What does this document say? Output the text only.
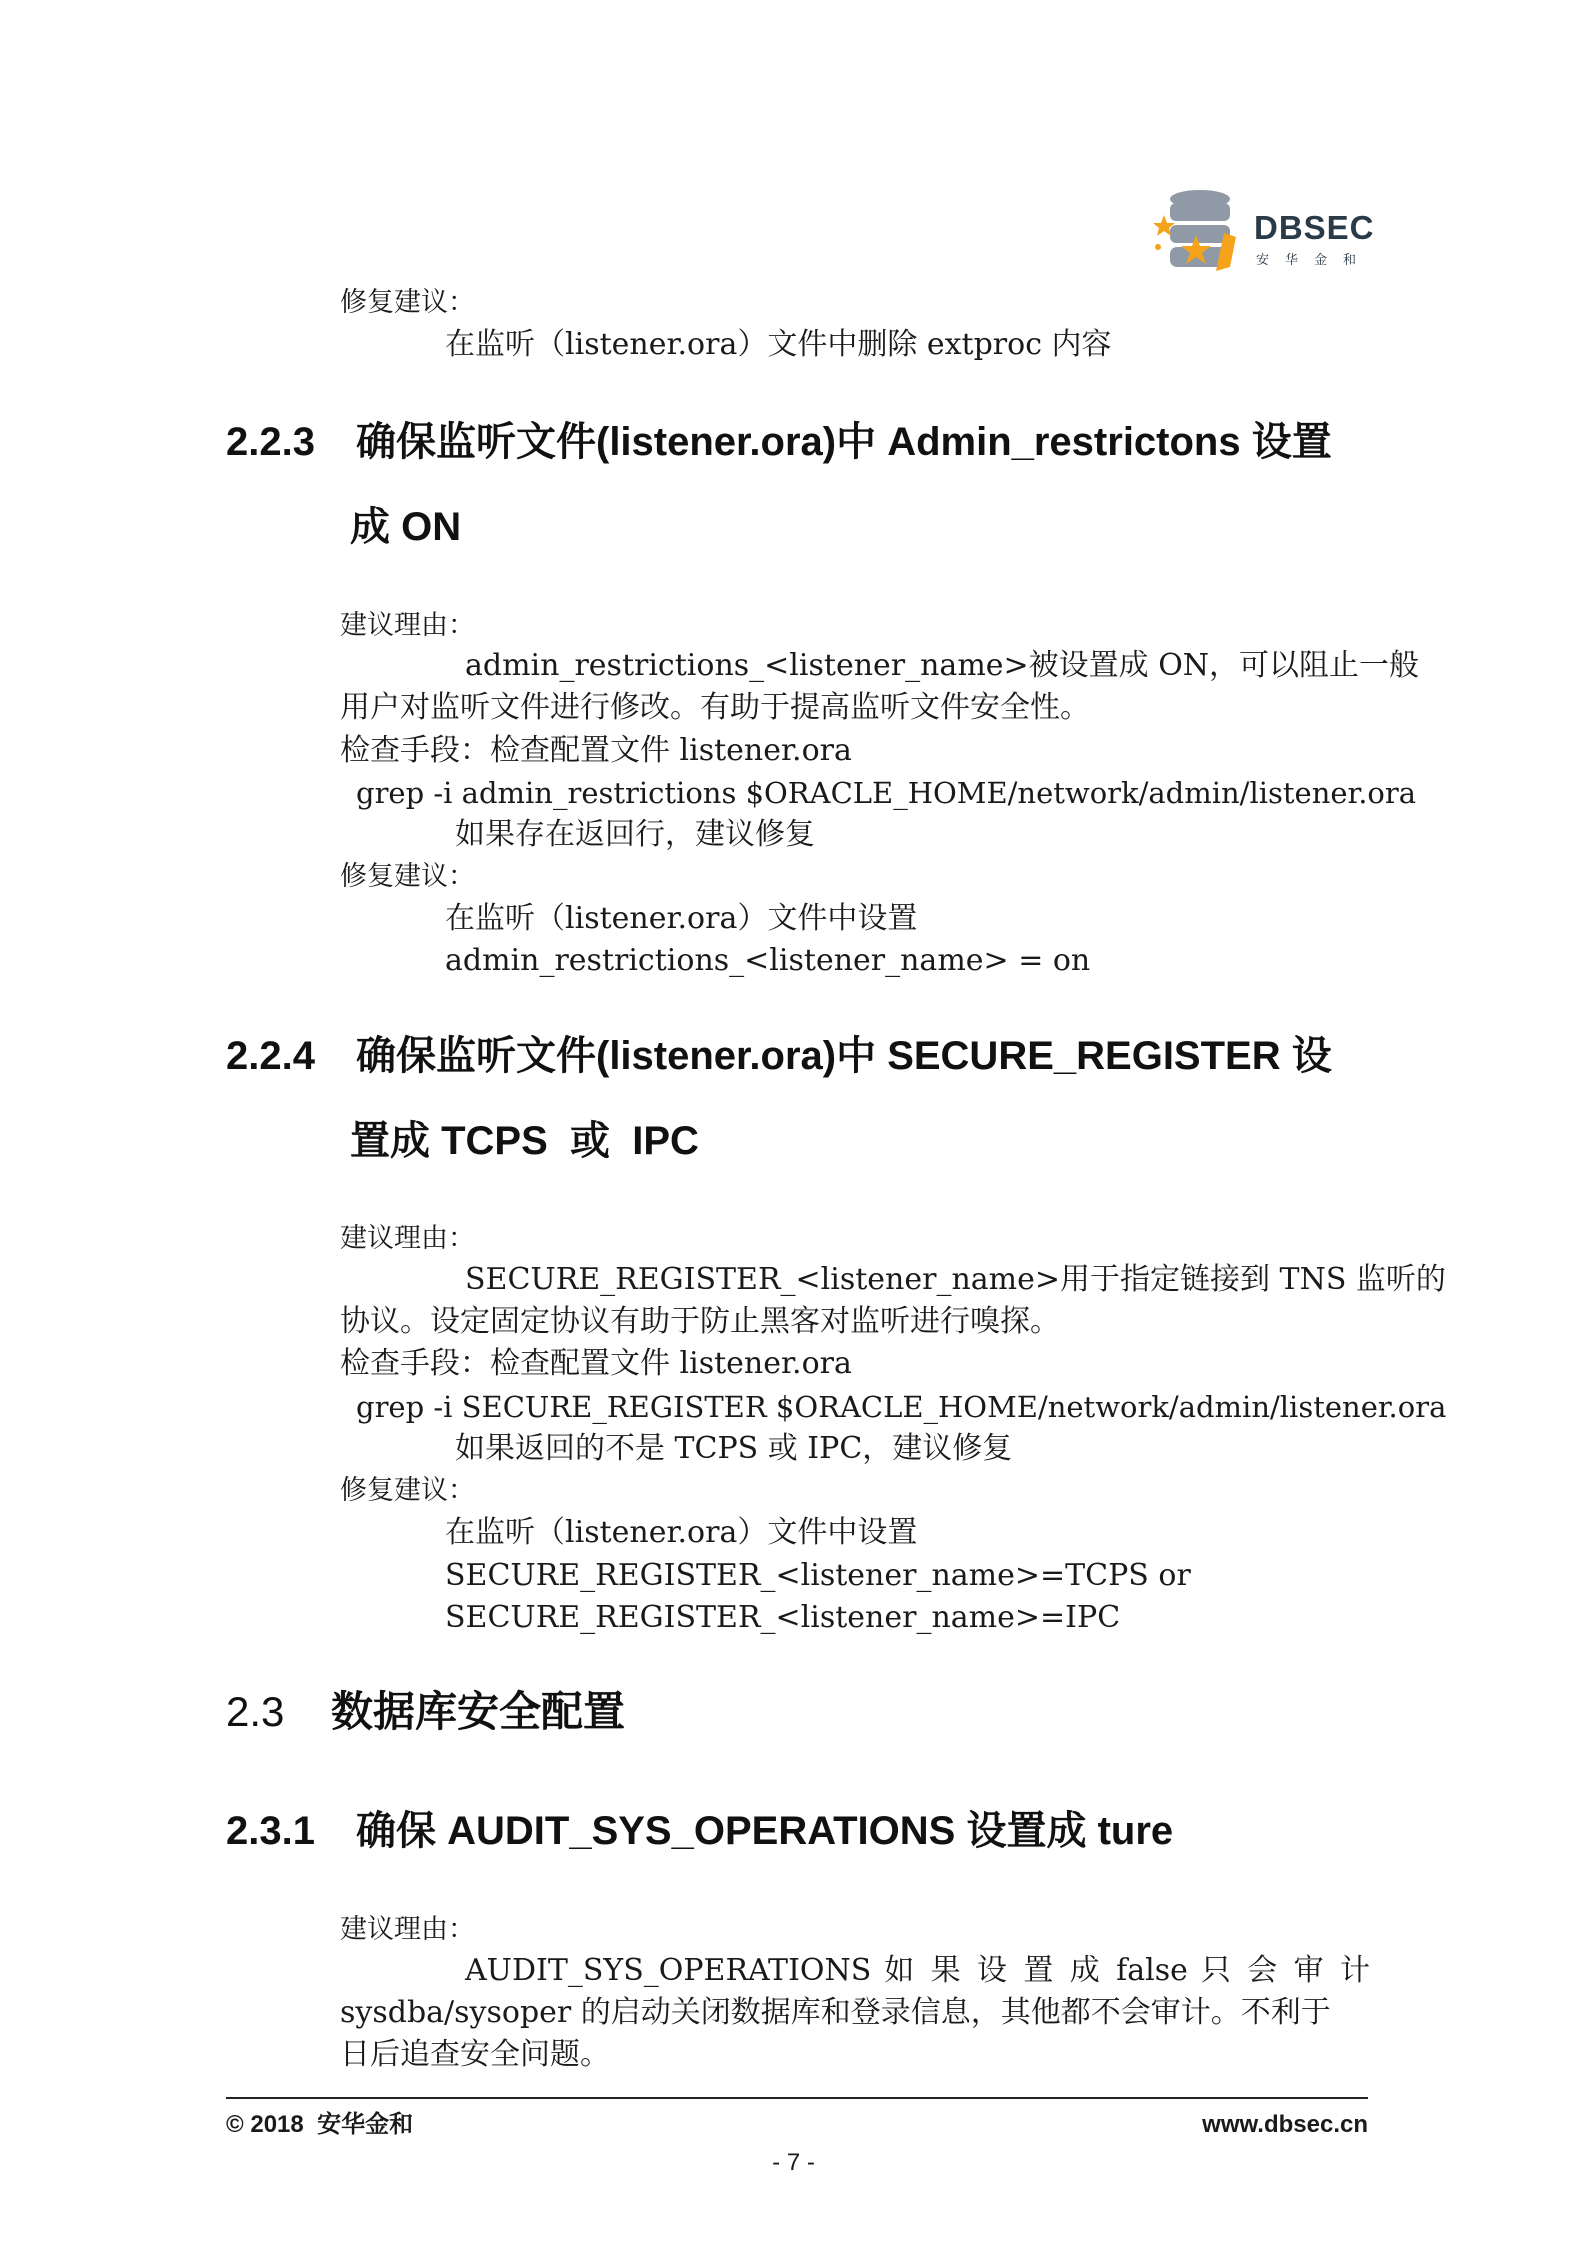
DBSEC
安华金和
修复建议：
在监听（listener.ora）文件中删除 extproc 内容
2.2.3 确保监听文件(listener.ora)中 Admin_restrictons 设置
成 ON
建议理由：
admin_restrictions_<listener_name>被设置成 ON，可以阻止一般
用户对监听文件进行修改。有助于提高监听文件安全性。
检查手段：检查配置文件 listener.ora
grep -i admin_restrictions $ORACLE_HOME/network/admin/listener.ora
如果存在返回行，建议修复
修复建议：
在监听（listener.ora）文件中设置
admin_restrictions_<listener_name> = on
2.2.4 确保监听文件(listener.ora)中 SECURE_REGISTER 设
置成 TCPS  或  IPC
建议理由：
SECURE_REGISTER_<listener_name>用于指定链接到 TNS 监听的
协议。设定固定协议有助于防止黑客对监听进行嗅探。
检查手段：检查配置文件 listener.ora
grep -i SECURE_REGISTER $ORACLE_HOME/network/admin/listener.ora
如果返回的不是 TCPS 或 IPC，建议修复
修复建议：
在监听（listener.ora）文件中设置
SECURE_REGISTER_<listener_name>=TCPS or
SECURE_REGISTER_<listener_name>=IPC
2.3 数据库安全配置
2.3.1 确保 AUDIT_SYS_OPERATIONS 设置成 ture
建议理由：
AUDIT_SYS_OPERATIONS 如 果 设 置 成 false 只 会 审 计
sysdba/sysoper 的启动关闭数据库和登录信息，其他都不会审计。不利于
日后追查安全问题。
© 2018  安华金和	www.dbsec.cn
- 7 -
